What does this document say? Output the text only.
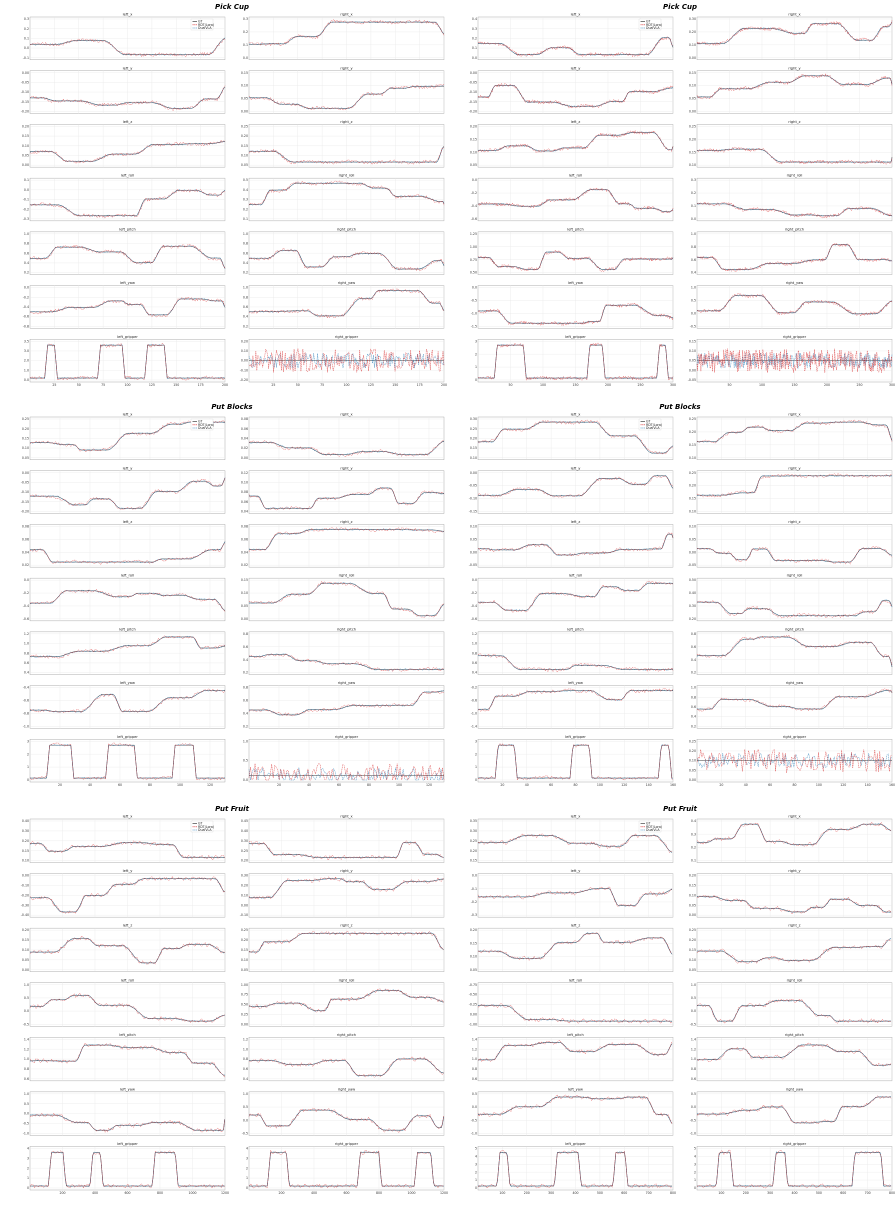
Pick Cup
left_x
0.3
0.2
0.1
0.0
-0.1
right_x
0.3
0.2
0.1
0.0
GT
RDT(Lora)
DualVLA
left_y
0.00
-0.05
-0.10
-0.15
-0.20
right_y
0.15
0.10
0.05
0.00
left_z
0.20
0.15
0.10
0.05
0.00
right_z
0.25
0.20
0.15
0.10
0.05
left_roll
0.1
0.0
-0.1
-0.2
-0.3
right_roll
0.5
0.4
0.3
0.2
0.1
left_pitch
1.0
0.8
0.6
0.4
0.2
right_pitch
1.0
0.8
0.6
0.4
0.2
left_yaw
0.0
-0.2
-0.4
-0.6
-0.8
right_yaw
1.0
0.8
0.6
0.4
0.2
left_gripper
3.5
3.0
2.0
1.0
0.0
25	50	75	100	125	150	175	200
right_gripper
0.20
0.10
0.00
-0.10
-0.20
25	50	75	100	125	150	175	200
Pick Cup
left_x
0.4
0.3
0.2
0.1
0.0
right_x
0.30
0.20
0.10
0.00
GT
RDT(Lora)
DualVLA
left_y
0.00
-0.05
-0.10
-0.15
-0.20
right_y
0.15
0.10
0.05
0.00
left_z
0.20
0.15
0.10
0.05
right_z
0.25
0.20
0.15
0.10
left_roll
0.0
-0.2
-0.4
-0.6
right_roll
0.3
0.2
0.1
0.0
left_pitch
1.25
1.00
0.75
0.50
right_pitch
1.0
0.8
0.6
0.4
left_yaw
0.0
-0.5
-1.0
-1.5
right_yaw
1.0
0.5
0.0
-0.5
left_gripper
3
2
1
0
50	100	150	200	250	300
right_gripper
0.15
0.10
0.05
0.00
-0.05
50	100	150	200	250	300
Put Blocks
left_x
0.25
0.20
0.15
0.10
0.05
right_x
0.08
0.06
0.04
0.02
0.00
GT
RDT(Lora)
DualVLA
left_y
0.00
-0.05
-0.10
-0.15
-0.20
right_y
0.12
0.10
0.08
0.06
0.04
left_z
0.08
0.06
0.04
0.02
right_z
0.08
0.06
0.04
0.02
left_roll
0.0
-0.2
-0.4
-0.6
right_roll
0.15
0.10
0.05
0.00
left_pitch
1.2
1.0
0.8
0.6
0.4
right_pitch
0.8
0.6
0.4
0.2
left_yaw
-0.4
-0.6
-0.8
-1.0
right_yaw
0.8
0.6
0.4
0.2
left_gripper
3
2
1
0
20	40	60	80	100	120
right_gripper
1.0
0.5
0.0
20	40	60	80	100	120
Put Blocks
left_x
0.30
0.25
0.20
0.15
0.10
right_x
0.25
0.20
0.15
0.10
GT
RDT(Lora)
DualVLA
left_y
0.00
-0.05
-0.10
-0.15
right_y
0.25
0.20
0.15
0.10
left_z
0.10
0.05
0.00
-0.05
right_z
0.10
0.05
0.00
-0.05
left_roll
0.0
-0.2
-0.4
-0.6
right_roll
0.50
0.40
0.30
0.20
left_pitch
1.2
1.0
0.8
0.6
0.4
right_pitch
0.8
0.6
0.4
0.2
left_yaw
-0.2
-0.6
-1.0
-1.4
right_yaw
1.0
0.8
0.6
0.4
0.2
left_gripper
3
2
1
0
20	40	60	80	100	120	140	160
right_gripper
0.25
0.20
0.10
0.05
0.00
20	40	60	80	100	120	140	160
Put Fruit
left_x
0.40
0.30
0.20
0.15
0.10
right_x
0.45
0.40
0.30
0.25
0.20
GT
RDT(Lora)
DualVLA
left_y
0.00
-0.10
-0.20
-0.30
-0.40
right_y
0.30
0.20
0.10
0.00
-0.10
left_z
0.20
0.15
0.10
0.05
0.00
right_z
0.25
0.20
0.15
0.10
0.05
left_roll
1.0
0.5
0.0
-0.5
right_roll
1.00
0.75
0.50
0.25
0.00
left_pitch
1.4
1.2
1.0
0.8
0.6
right_pitch
1.2
1.0
0.8
0.6
0.4
left_yaw
1.0
0.5
0.0
-0.5
-1.0
right_yaw
1.0
0.5
0.0
-0.5
left_gripper
4
3
2
1
0
200	400	600	800	1000	1200
right_gripper
4
3
2
1
0
200	400	600	800	1000	1200
Put Fruit
left_x
0.35
0.30
0.25
0.20
0.15
right_x
0.4
0.3
0.2
0.1
GT
RDT(Lora)
DualVLA
left_y
0.0
-0.1
-0.2
-0.3
right_y
0.20
0.15
0.10
0.05
0.00
left_z
0.20
0.15
0.10
0.05
right_z
0.25
0.20
0.15
0.10
0.05
left_roll
-0.75
-0.50
-0.25
0.00
-1.00
right_roll
1.0
0.5
0.0
-0.5
left_pitch
1.4
1.2
1.0
0.8
0.6
right_pitch
1.4
1.2
1.0
0.8
0.6
left_yaw
0.5
0.0
-0.5
-1.0
right_yaw
0.5
0.0
-0.5
-1.0
left_gripper
5
4
3
2
1
0
100	200	300	400	500	600	700	800
right_gripper
5
4
3
2
1
0
100	200	300	400	500	600	700	800
